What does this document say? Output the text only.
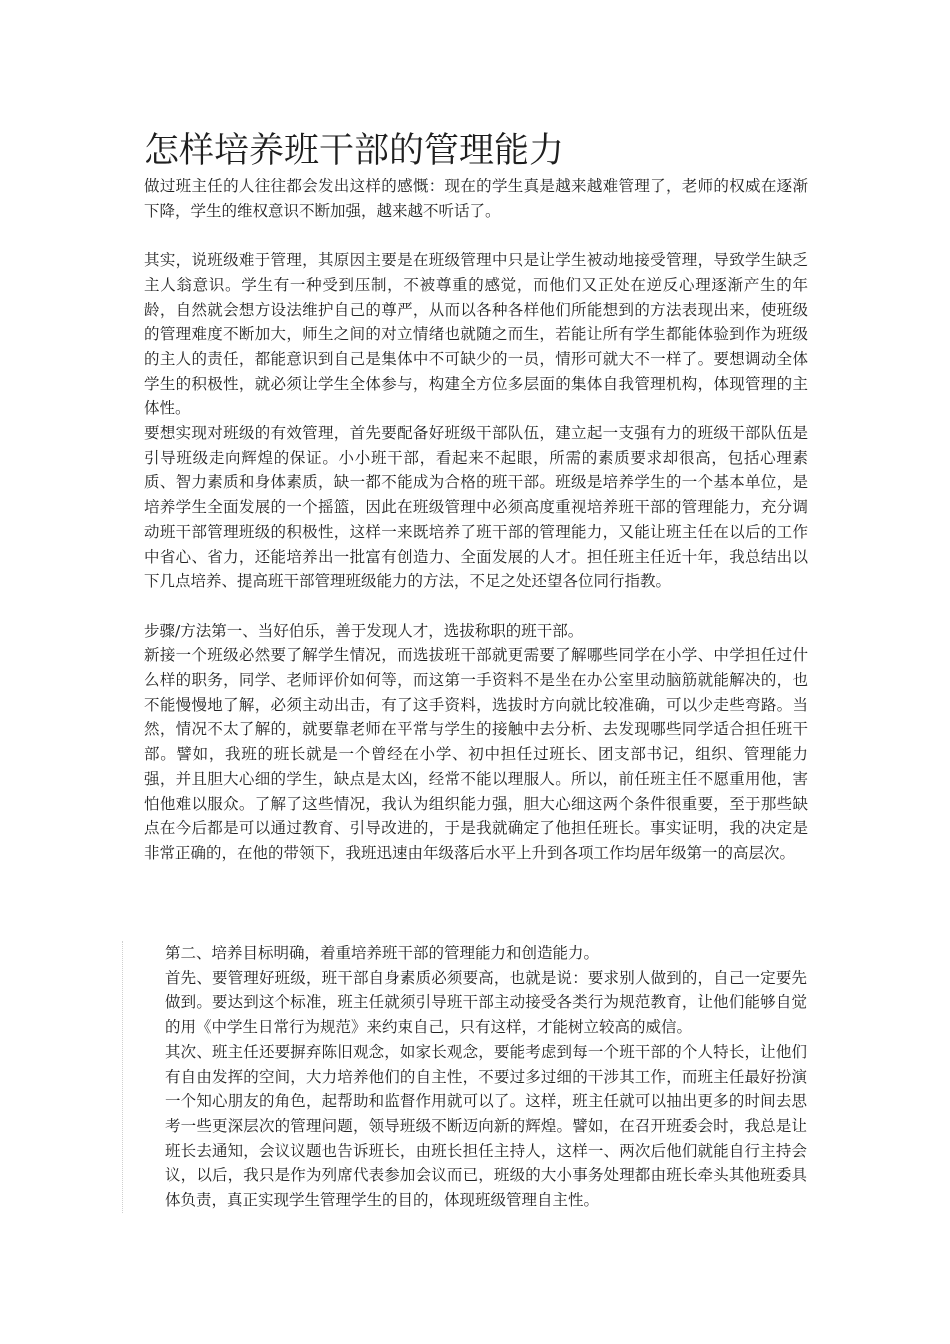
怎样培养班干部的管理能力

做过班主任的人往往都会发出这样的感慨：现在的学生真是越来越难管理了，老师的权威在逐渐下降，学生的维权意识不断加强，越来越不听话了。

其实，说班级难于管理，其原因主要是在班级管理中只是让学生被动地接受管理，导致学生缺乏主人翁意识。学生有一种受到压制，不被尊重的感觉，而他们又正处在逆反心理逐渐产生的年龄，自然就会想方设法维护自己的尊严，从而以各种各样他们所能想到的方法表现出来，使班级的管理难度不断加大，师生之间的对立情绪也就随之而生，若能让所有学生都能体验到作为班级的主人的责任，都能意识到自己是集体中不可缺少的一员，情形可就大不一样了。要想调动全体学生的积极性，就必须让学生全体参与，构建全方位多层面的集体自我管理机构，体现管理的主体性。

要想实现对班级的有效管理，首先要配备好班级干部队伍，建立起一支强有力的班级干部队伍是引导班级走向辉煌的保证。小小班干部，看起来不起眼，所需的素质要求却很高，包括心理素质、智力素质和身体素质，缺一都不能成为合格的班干部。班级是培养学生的一个基本单位，是培养学生全面发展的一个摇篮，因此在班级管理中必须高度重视培养班干部的管理能力，充分调动班干部管理班级的积极性，这样一来既培养了班干部的管理能力，又能让班主任在以后的工作中省心、省力，还能培养出一批富有创造力、全面发展的人才。担任班主任近十年，我总结出以下几点培养、提高班干部管理班级能力的方法，不足之处还望各位同行指教。

步骤/方法第一、当好伯乐，善于发现人才，选拔称职的班干部。

新接一个班级必然要了解学生情况，而选拔班干部就更需要了解哪些同学在小学、中学担任过什么样的职务，同学、老师评价如何等，而这第一手资料不是坐在办公室里动脑筋就能解决的，也不能慢慢地了解，必须主动出击，有了这手资料，选拔时方向就比较准确，可以少走些弯路。当然，情况不太了解的，就要靠老师在平常与学生的接触中去分析、去发现哪些同学适合担任班干部。譬如，我班的班长就是一个曾经在小学、初中担任过班长、团支部书记，组织、管理能力强，并且胆大心细的学生，缺点是太凶，经常不能以理服人。所以，前任班主任不愿重用他，害怕他难以服众。了解了这些情况，我认为组织能力强，胆大心细这两个条件很重要，至于那些缺点在今后都是可以通过教育、引导改进的，于是我就确定了他担任班长。事实证明，我的决定是非常正确的，在他的带领下，我班迅速由年级落后水平上升到各项工作均居年级第一的高层次。

第二、培养目标明确，着重培养班干部的管理能力和创造能力。

首先、要管理好班级，班干部自身素质必须要高，也就是说：要求别人做到的，自己一定要先做到。要达到这个标准，班主任就须引导班干部主动接受各类行为规范教育，让他们能够自觉的用《中学生日常行为规范》来约束自己，只有这样，才能树立较高的威信。

其次、班主任还要摒弃陈旧观念，如家长观念，要能考虑到每一个班干部的个人特长，让他们有自由发挥的空间，大力培养他们的自主性，不要过多过细的干涉其工作，而班主任最好扮演一个知心朋友的角色，起帮助和监督作用就可以了。这样，班主任就可以抽出更多的时间去思考一些更深层次的管理问题，领导班级不断迈向新的辉煌。譬如，在召开班委会时，我总是让班长去通知，会议议题也告诉班长，由班长担任主持人，这样一、两次后他们就能自行主持会议，以后，我只是作为列席代表参加会议而已，班级的大小事务处理都由班长牵头其他班委具体负责，真正实现学生管理学生的目的，体现班级管理自主性。
